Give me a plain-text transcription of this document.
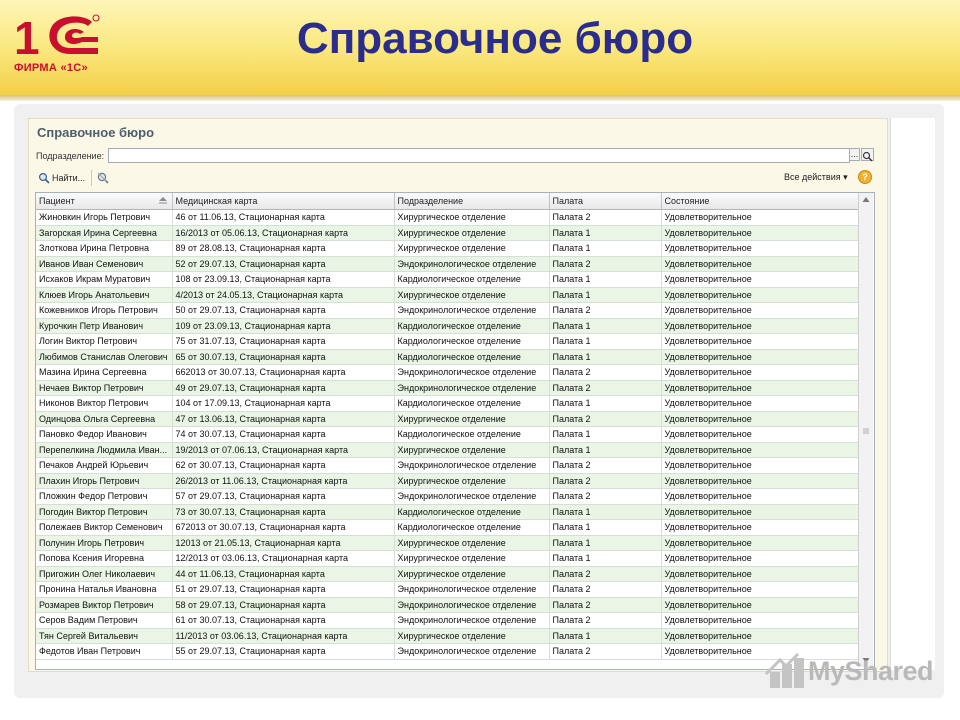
1
ФИРМА «1С»
Справочное бюро
Справочное бюро
Подразделение:	...
Найти...	Все действия ▾	?
Пациент	Медицинская карта	Подразделение	Палата	Состояние
Жиновкин Игорь Петрович	46 от 11.06.13, Стационарная карта	Хирургическое отделение	Палата 2	Удовлетворительное
Загорская Ирина Сергеевна	16/2013 от 05.06.13, Стационарная карта	Хирургическое отделение	Палата 1	Удовлетворительное
Злоткова Ирина Петровна	89 от 28.08.13, Стационарная карта	Хирургическое отделение	Палата 1	Удовлетворительное
Иванов Иван Семенович	52 от 29.07.13, Стационарная карта	Эндокринологическое отделение	Палата 2	Удовлетворительное
Исхаков Икрам Муратович	108 от 23.09.13, Стационарная карта	Кардиологическое отделение	Палата 1	Удовлетворительное
Клюев Игорь Анатольевич	4/2013 от 24.05.13, Стационарная карта	Хирургическое отделение	Палата 1	Удовлетворительное
Кожевников Игорь Петрович	50 от 29.07.13, Стационарная карта	Эндокринологическое отделение	Палата 2	Удовлетворительное
Курочкин Петр Иванович	109 от 23.09.13, Стационарная карта	Кардиологическое отделение	Палата 1	Удовлетворительное
Логин Виктор Петрович	75 от 31.07.13, Стационарная карта	Кардиологическое отделение	Палата 1	Удовлетворительное
Любимов Станислав Олегович	65 от 30.07.13, Стационарная карта	Кардиологическое отделение	Палата 1	Удовлетворительное
Мазина Ирина Сергеевна	662013 от 30.07.13, Стационарная карта	Эндокринологическое отделение	Палата 2	Удовлетворительное
Нечаев Виктор Петрович	49 от 29.07.13, Стационарная карта	Эндокринологическое отделение	Палата 2	Удовлетворительное
Никонов Виктор Петрович	104 от 17.09.13, Стационарная карта	Кардиологическое отделение	Палата 1	Удовлетворительное
Одинцова Ольга Сергеевна	47 от 13.06.13, Стационарная карта	Хирургическое отделение	Палата 2	Удовлетворительное
Пановко Федор Иванович	74 от 30.07.13, Стационарная карта	Кардиологическое отделение	Палата 1	Удовлетворительное
Перепелкина Людмила Иван...	19/2013 от 07.06.13, Стационарная карта	Хирургическое отделение	Палата 1	Удовлетворительное
Печаков Андрей Юрьевич	62 от 30.07.13, Стационарная карта	Эндокринологическое отделение	Палата 2	Удовлетворительное
Плахин Игорь Петрович	26/2013 от 11.06.13, Стационарная карта	Хирургическое отделение	Палата 2	Удовлетворительное
Пложкин Федор Петрович	57 от 29.07.13, Стационарная карта	Эндокринологическое отделение	Палата 2	Удовлетворительное
Погодин Виктор Петрович	73 от 30.07.13, Стационарная карта	Кардиологическое отделение	Палата 1	Удовлетворительное
Полежаев Виктор Семенович	672013 от 30.07.13, Стационарная карта	Кардиологическое отделение	Палата 1	Удовлетворительное
Полунин Игорь Петрович	12013 от 21.05.13, Стационарная карта	Хирургическое отделение	Палата 1	Удовлетворительное
Попова Ксения Игоревна	12/2013 от 03.06.13, Стационарная карта	Хирургическое отделение	Палата 1	Удовлетворительное
Пригожин Олег Николаевич	44 от 11.06.13, Стационарная карта	Хирургическое отделение	Палата 2	Удовлетворительное
Пронина Наталья Ивановна	51 от 29.07.13, Стационарная карта	Эндокринологическое отделение	Палата 2	Удовлетворительное
Розмарев Виктор Петрович	58 от 29.07.13, Стационарная карта	Эндокринологическое отделение	Палата 2	Удовлетворительное
Серов Вадим Петрович	61 от 30.07.13, Стационарная карта	Эндокринологическое отделение	Палата 2	Удовлетворительное
Тян Сергей Витальевич	11/2013 от 03.06.13, Стационарная карта	Хирургическое отделение	Палата 1	Удовлетворительное
Федотов Иван Петрович	55 от 29.07.13, Стационарная карта	Эндокринологическое отделение	Палата 2	Удовлетворительное
MyShared
